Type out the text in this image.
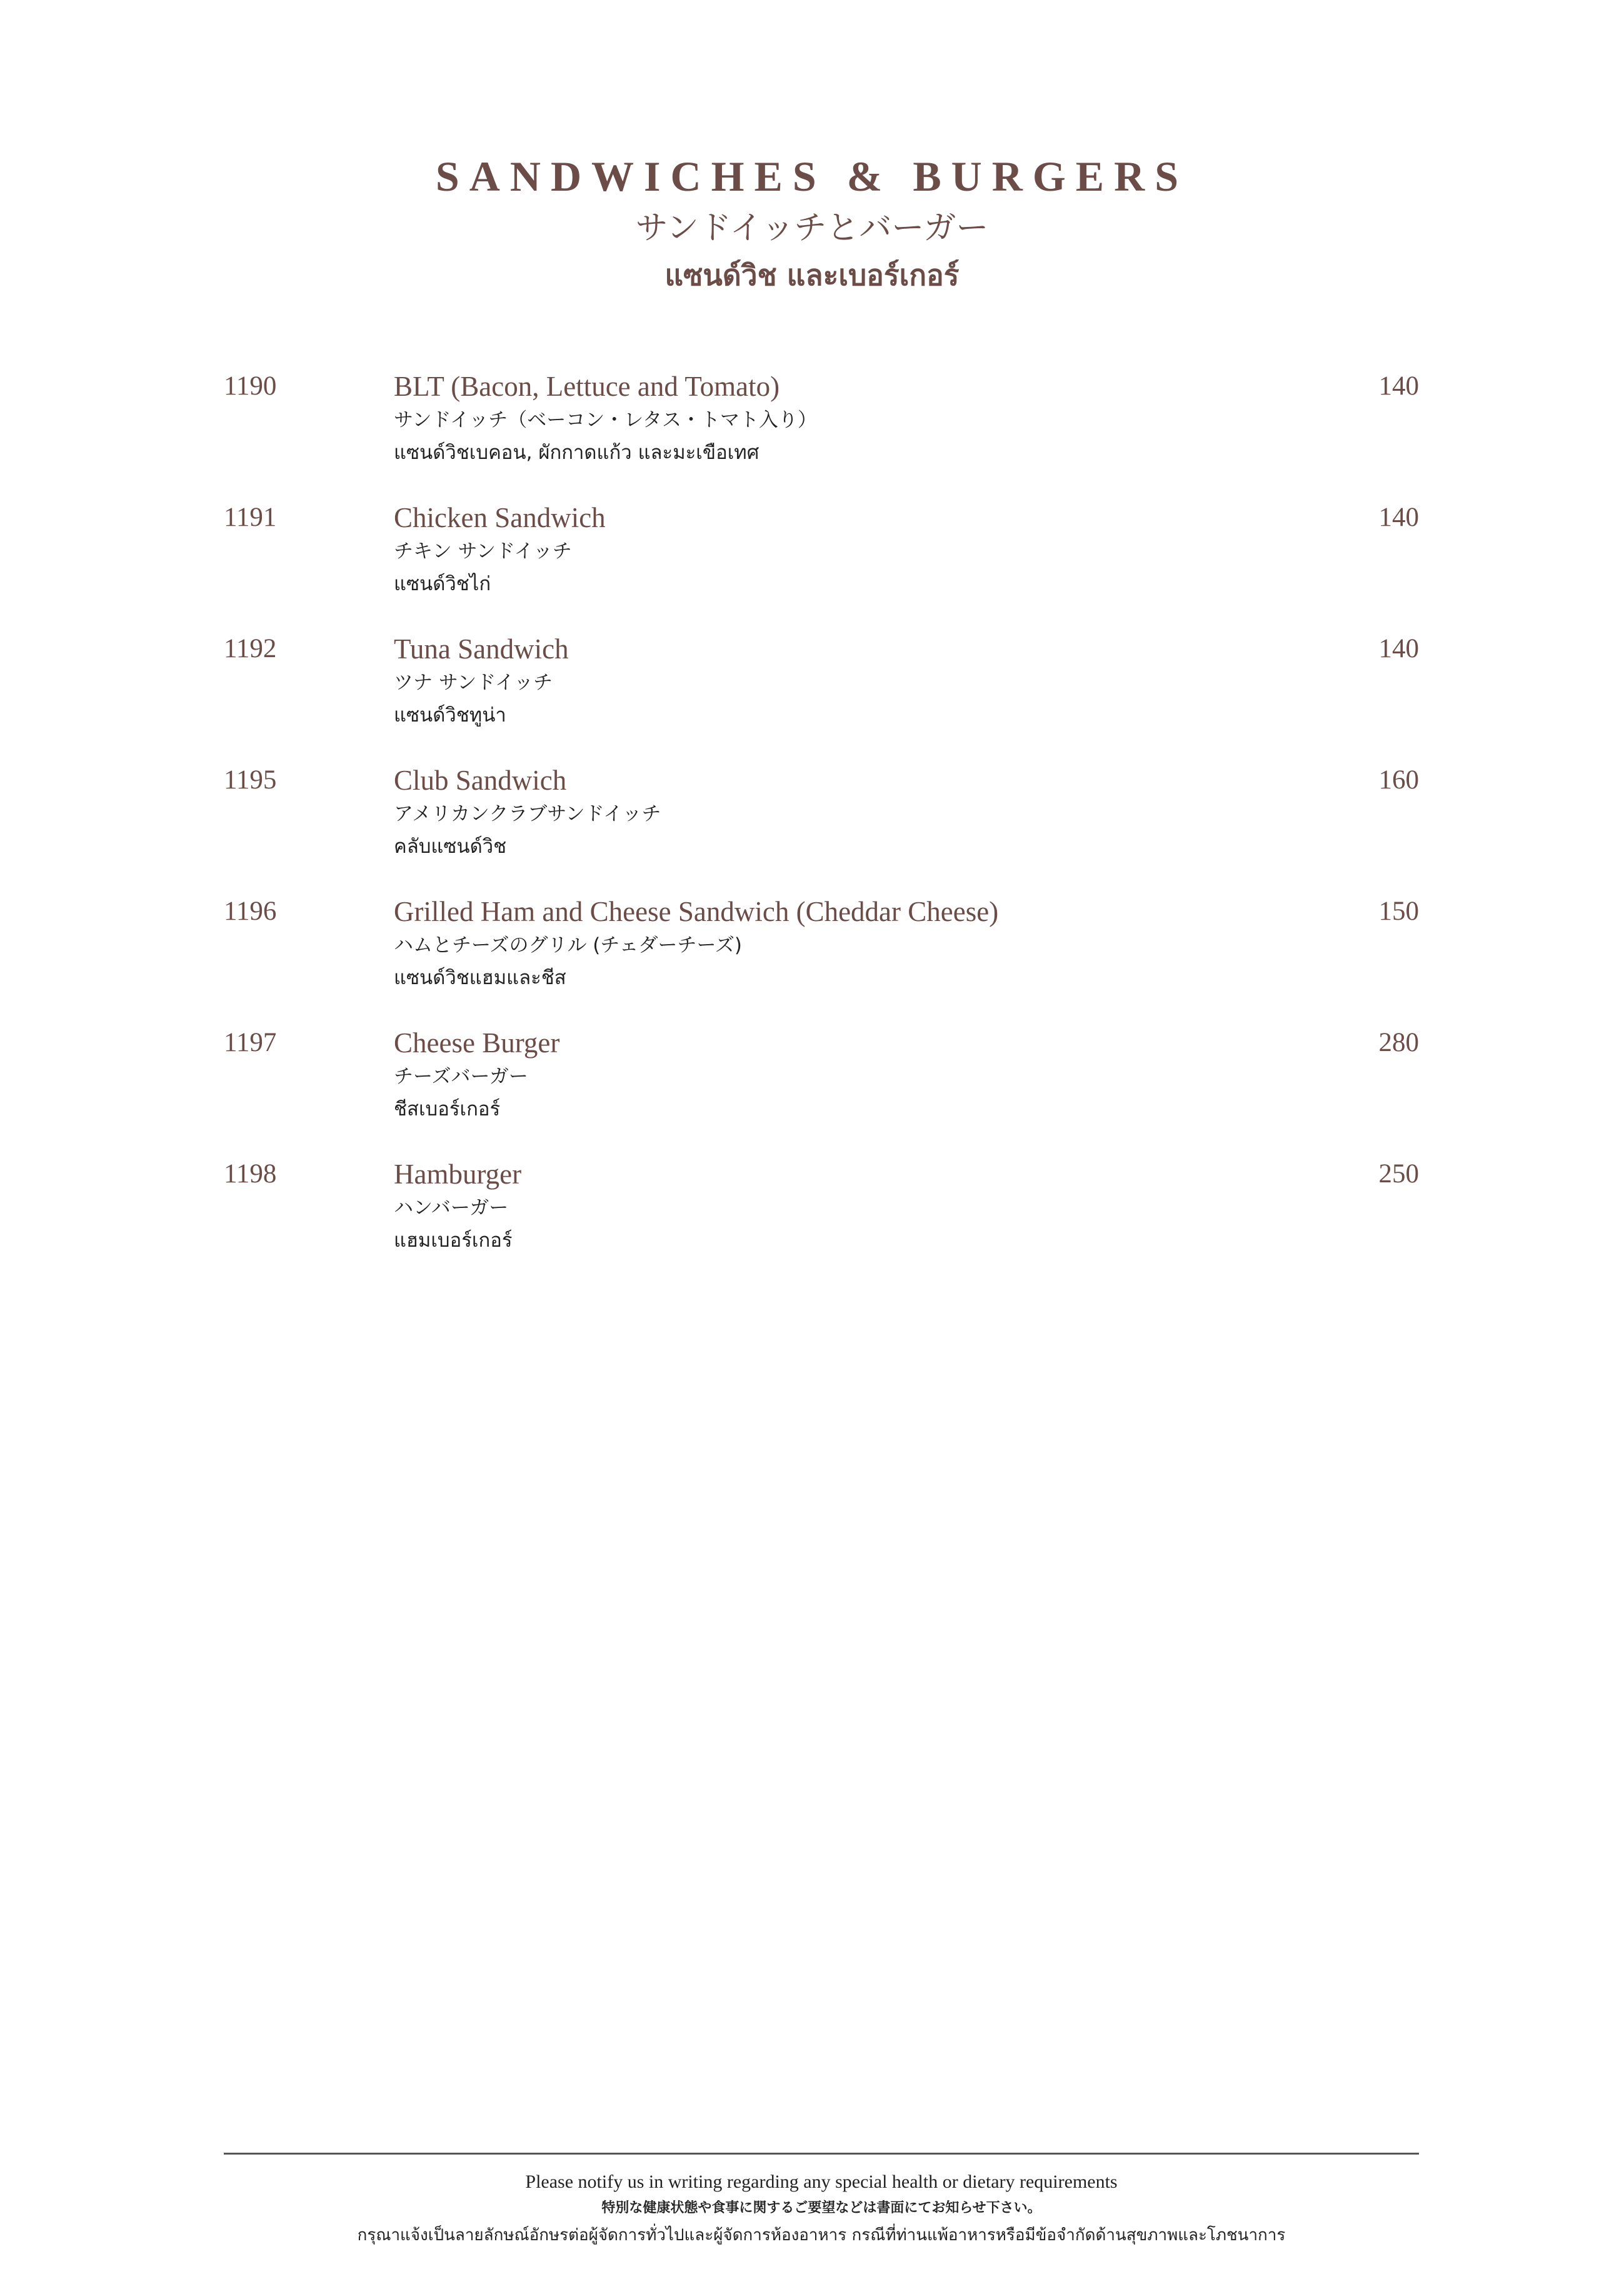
SANDWICHES & BURGERS
サンドイッチとバーガー
แซนด์วิช และเบอร์เกอร์
1190	BLT (Bacon, Lettuce and Tomato)
サンドイッチ（ベーコン・レタス・トマト入り）
แซนด์วิชเบคอน, ผักกาดแก้ว และมะเขือเทศ
140
1191	Chicken Sandwich
チキン サンドイッチ
แซนด์วิชไก่
140
1192	Tuna Sandwich
ツナ サンドイッチ
แซนด์วิชทูน่า
140
1195	Club Sandwich
アメリカンクラブサンドイッチ
คลับแซนด์วิช
160
1196	Grilled Ham and Cheese Sandwich (Cheddar Cheese)
ハムとチーズのグリル (チェダーチーズ)
แซนด์วิชแฮมและชีส
150
1197	Cheese Burger
チーズバーガー
ชีสเบอร์เกอร์
280
1198	Hamburger
ハンバーガー
แฮมเบอร์เกอร์
250
Please notify us in writing regarding any special health or dietary requirements
特別な健康状態や食事に関するご要望などは書面にてお知らせ下さい。
กรุณาแจ้งเป็นลายลักษณ์อักษรต่อผู้จัดการทั่วไปและผู้จัดการห้องอาหาร กรณีที่ท่านแพ้อาหารหรือมีข้อจำกัดด้านสุขภาพและโภชนาการ
